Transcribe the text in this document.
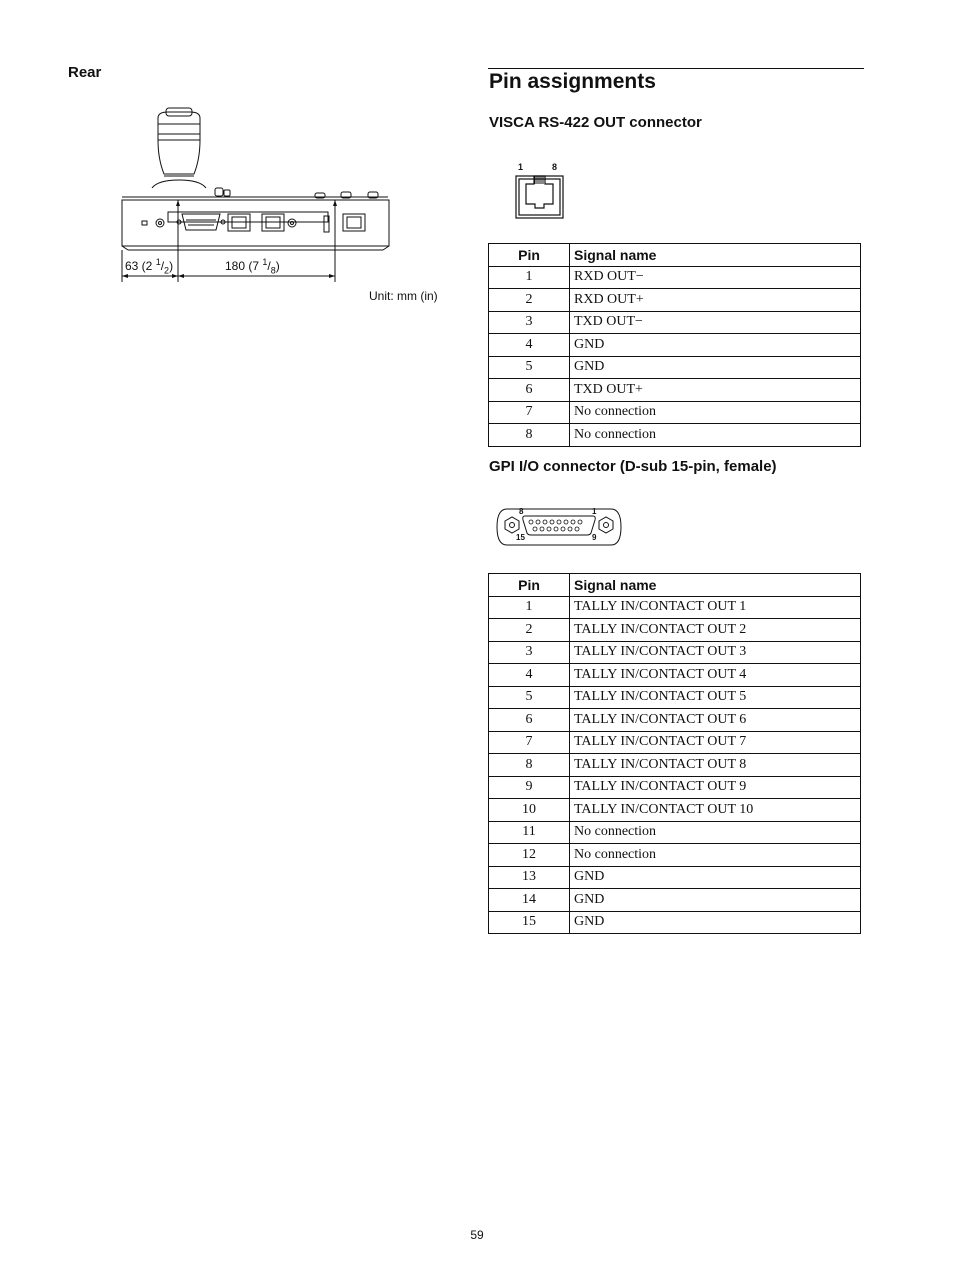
Rear
63 (2 $^1/_2$)	180 (7 $^1/_8$)
Unit: mm (in)
Pin assignments
VISCA RS-422 OUT connector
1	8
Pin	Signal name
1	RXD OUT−
2	RXD OUT+
3	TXD OUT−
4	GND
5	GND
6	TXD OUT+
7	No connection
8	No connection
GPI I/O connector (D-sub 15-pin, female)
8	1
15	9
Pin	Signal name
1	TALLY IN/CONTACT OUT 1
2	TALLY IN/CONTACT OUT 2
3	TALLY IN/CONTACT OUT 3
4	TALLY IN/CONTACT OUT 4
5	TALLY IN/CONTACT OUT 5
6	TALLY IN/CONTACT OUT 6
7	TALLY IN/CONTACT OUT 7
8	TALLY IN/CONTACT OUT 8
9	TALLY IN/CONTACT OUT 9
10	TALLY IN/CONTACT OUT 10
11	No connection
12	No connection
13	GND
14	GND
15	GND
59
